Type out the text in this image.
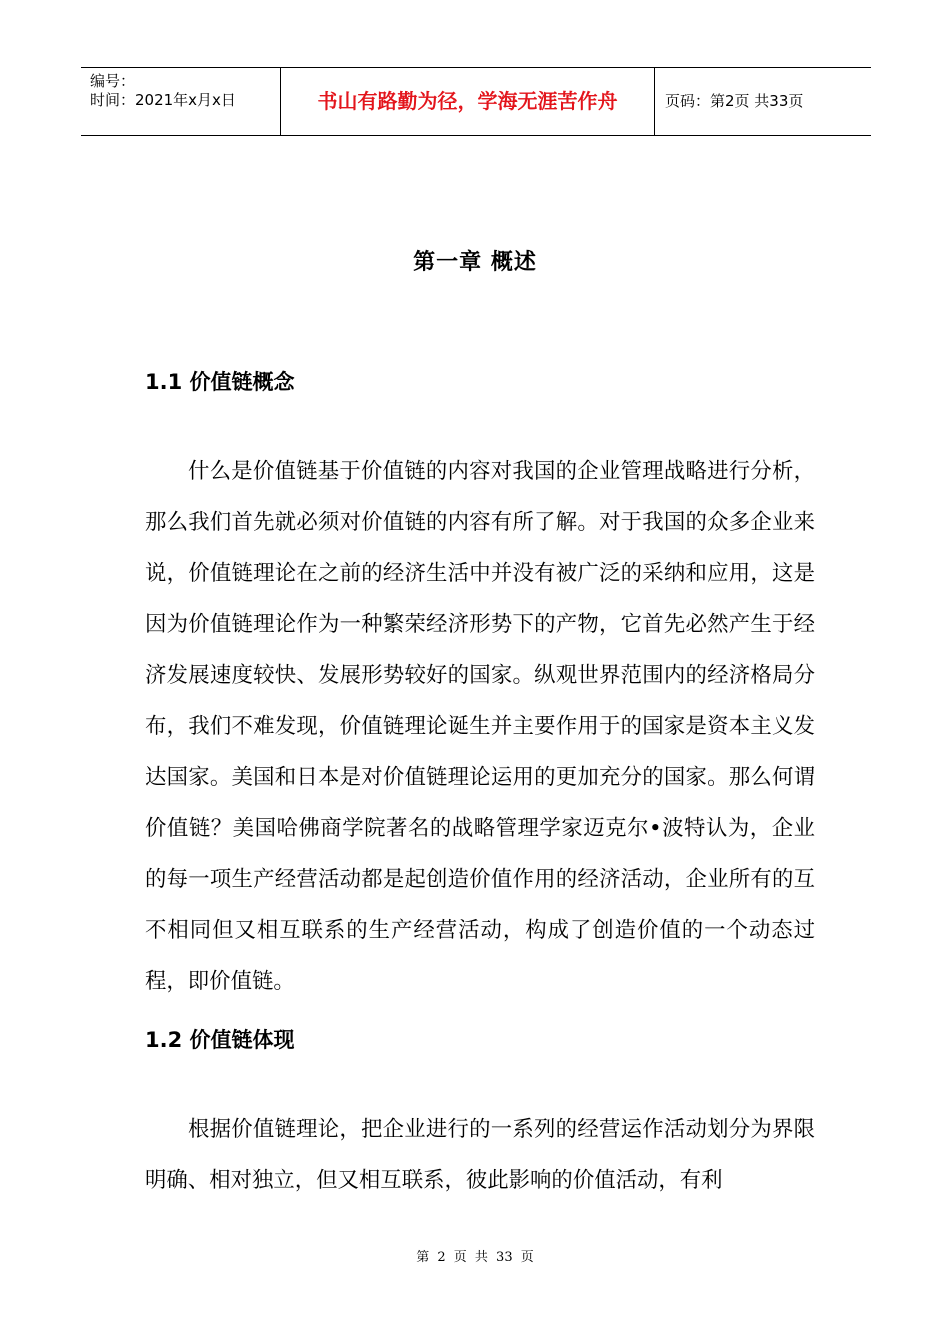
编号：
时间：2021年x月x日	书山有路勤为径，学海无涯苦作舟	页码：第2页 共33页
第一章 概述
1.1 价值链概念

什么是价值链基于价值链的内容对我国的企业管理战略进行分析，那么我们首先就必须对价值链的内容有所了解。对于我国的众多企业来说，价值链理论在之前的经济生活中并没有被广泛的采纳和应用，这是因为价值链理论作为一种繁荣经济形势下的产物，它首先必然产生于经济发展速度较快、发展形势较好的国家。纵观世界范围内的经济格局分布，我们不难发现，价值链理论诞生并主要作用于的国家是资本主义发达国家。美国和日本是对价值链理论运用的更加充分的国家。那么何谓价值链？美国哈佛商学院著名的战略管理学家迈克尔•波特认为，企业的每一项生产经营活动都是起创造价值作用的经济活动，企业所有的互不相同但又相互联系的生产经营活动，构成了创造价值的一个动态过程，即价值链。

1.2 价值链体现

根据价值链理论，把企业进行的一系列的经营运作活动划分为界限明确、相对独立，但又相互联系，彼此影响的价值活动，有利

第 2 页 共 33 页
